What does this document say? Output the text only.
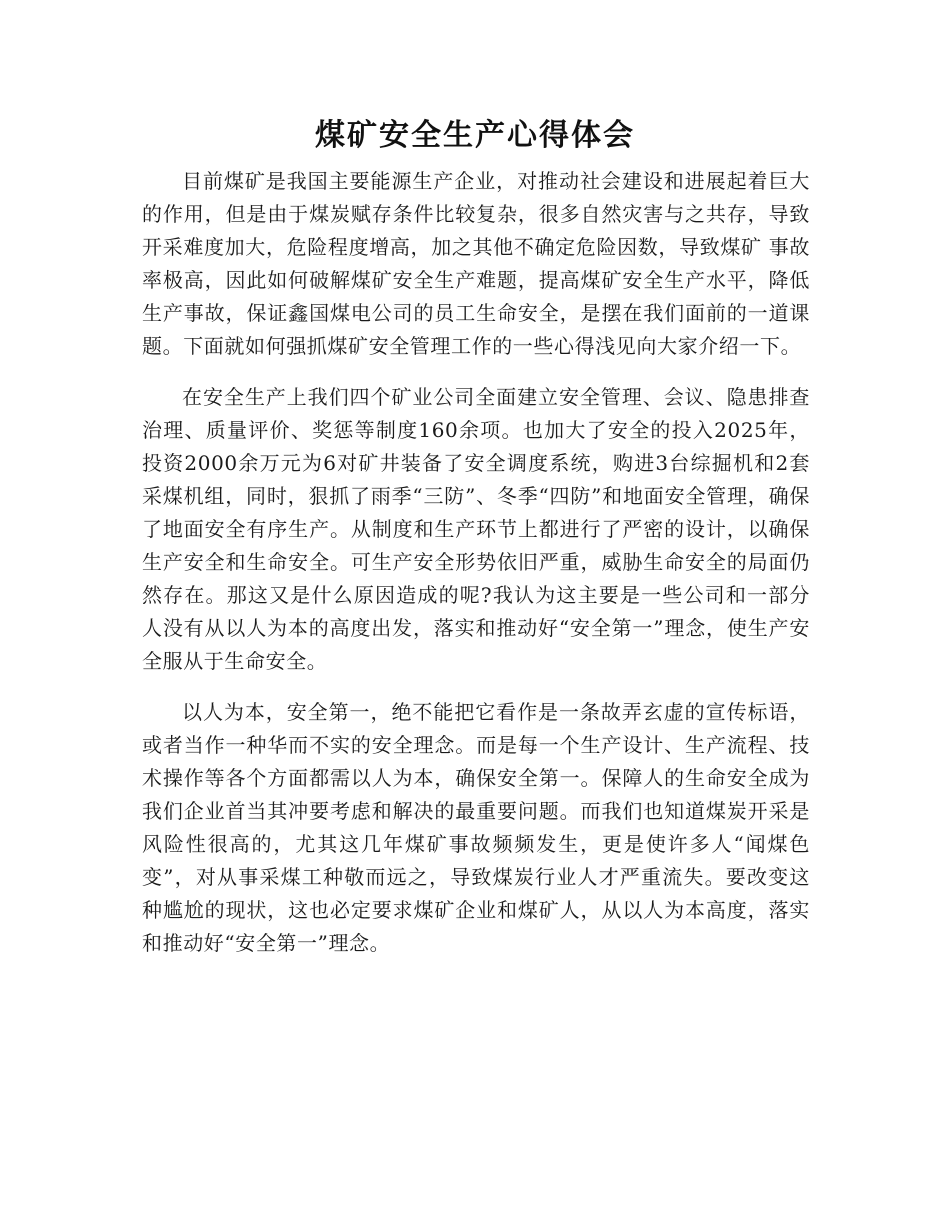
煤矿安全生产心得体会

目前煤矿是我国主要能源生产企业，对推动社会建设和进展起着巨大的作用，但是由于煤炭赋存条件比较复杂，很多自然灾害与之共存，导致开采难度加大，危险程度增高，加之其他不确定危险因数，导致煤矿 事故率极高，因此如何破解煤矿安全生产难题，提高煤矿安全生产水平，降低生产事故，保证鑫国煤电公司的员工生命安全，是摆在我们面前的一道课题。下面就如何强抓煤矿安全管理工作的一些心得浅见向大家介绍一下。

在安全生产上我们四个矿业公司全面建立安全管理、会议、隐患排查治理、质量评价、奖惩等制度160余项。也加大了安全的投入2025年，投资2000余万元为6对矿井装备了安全调度系统，购进3台综掘机和2套采煤机组，同时，狠抓了雨季“三防”、冬季“四防”和地面安全管理，确保了地面安全有序生产。从制度和生产环节上都进行了严密的设计，以确保生产安全和生命安全。可生产安全形势依旧严重，威胁生命安全的局面仍然存在。那这又是什么原因造成的呢?我认为这主要是一些公司和一部分人没有从以人为本的高度出发，落实和推动好“安全第一”理念，使生产安全服从于生命安全。

以人为本，安全第一，绝不能把它看作是一条故弄玄虚的宣传标语，或者当作一种华而不实的安全理念。而是每一个生产设计、生产流程、技术操作等各个方面都需以人为本，确保安全第一。保障人的生命安全成为我们企业首当其冲要考虑和解决的最重要问题。而我们也知道煤炭开采是风险性很高的，尤其这几年煤矿事故频频发生，更是使许多人“闻煤色变”，对从事采煤工种敬而远之，导致煤炭行业人才严重流失。要改变这种尴尬的现状，这也必定要求煤矿企业和煤矿人，从以人为本高度，落实和推动好“安全第一”理念。
